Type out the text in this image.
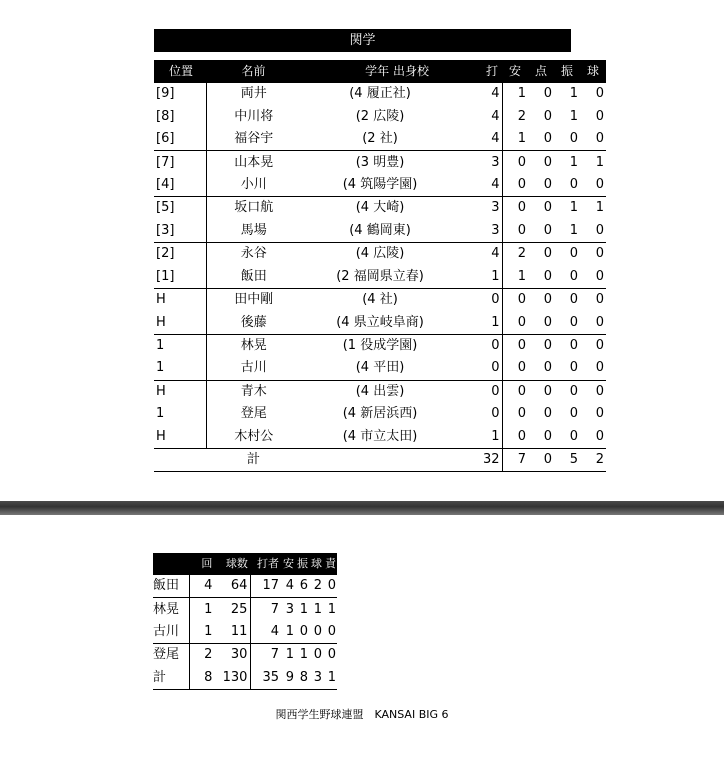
関学
位置	名前	学年 出身校	打	安	点	振	球
[9]	両井	(4 履正社)	4	1	0	1	0
[8]	中川将	(2 広陵)	4	2	0	1	0
[6]	福谷宇	(2 社)	4	1	0	0	0
[7]	山本晃	(3 明豊)	3	0	0	1	1
[4]	小川	(4 筑陽学園)	4	0	0	0	0
[5]	坂口航	(4 大崎)	3	0	0	1	1
[3]	馬場	(4 鶴岡東)	3	0	0	1	0
[2]	永谷	(4 広陵)	4	2	0	0	0
[1]	飯田	(2 福岡県立春)	1	1	0	0	0
H	田中剛	(4 社)	0	0	0	0	0
H	後藤	(4 県立岐阜商)	1	0	0	0	0
1	林晃	(1 役成学園)	0	0	0	0	0
1	古川	(4 平田)	0	0	0	0	0
H	青木	(4 出雲)	0	0	0	0	0
1	登尾	(4 新居浜西)	0	0	0	0	0
H	木村公	(4 市立太田)	1	0	0	0	0
	計		32	7	0	5	2
	回	球数	打者	安	振	球	責
飯田	4	64	17	4	6	2	0
林晃	1	25	7	3	1	1	1
古川	1	11	4	1	0	0	0
登尾	2	30	7	1	1	0	0
計	8	130	35	9	8	3	1
関西学生野球連盟　KANSAI BIG 6
